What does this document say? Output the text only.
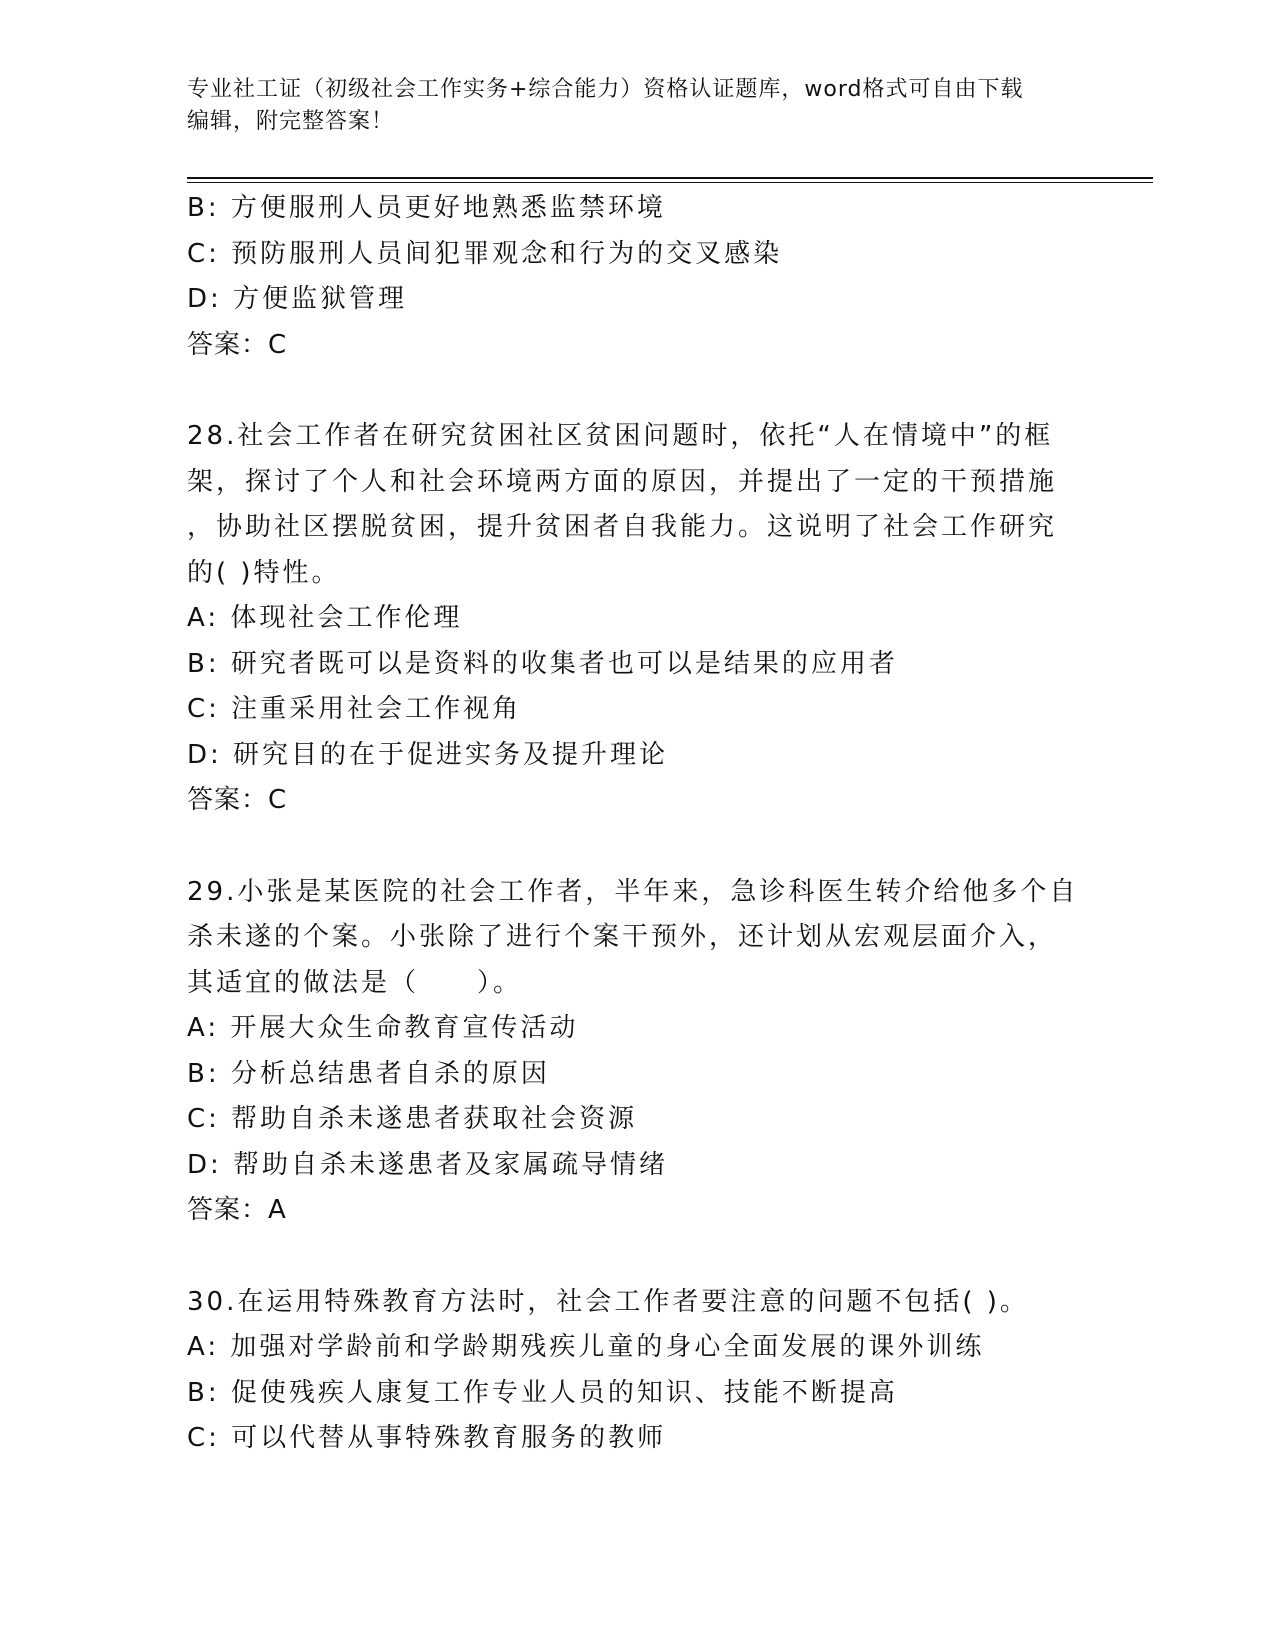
专业社工证（初级社会工作实务+综合能力）资格认证题库，word格式可自由下载
编辑，附完整答案！
B: 方便服刑人员更好地熟悉监禁环境
C: 预防服刑人员间犯罪观念和行为的交叉感染
D: 方便监狱管理
答案：C
28.社会工作者在研究贫困社区贫困问题时，依托“人在情境中”的框
架，探讨了个人和社会环境两方面的原因，并提出了一定的干预措施
，协助社区摆脱贫困，提升贫困者自我能力。这说明了社会工作研究
的( )特性。
A: 体现社会工作伦理
B: 研究者既可以是资料的收集者也可以是结果的应用者
C: 注重采用社会工作视角
D: 研究目的在于促进实务及提升理论
答案：C
29.小张是某医院的社会工作者，半年来，急诊科医生转介给他多个自
杀未遂的个案。小张除了进行个案干预外，还计划从宏观层面介入，
其适宜的做法是（　　）。
A: 开展大众生命教育宣传活动
B: 分析总结患者自杀的原因
C: 帮助自杀未遂患者获取社会资源
D: 帮助自杀未遂患者及家属疏导情绪
答案：A
30.在运用特殊教育方法时，社会工作者要注意的问题不包括( )。
A: 加强对学龄前和学龄期残疾儿童的身心全面发展的课外训练
B: 促使残疾人康复工作专业人员的知识、技能不断提高
C: 可以代替从事特殊教育服务的教师
